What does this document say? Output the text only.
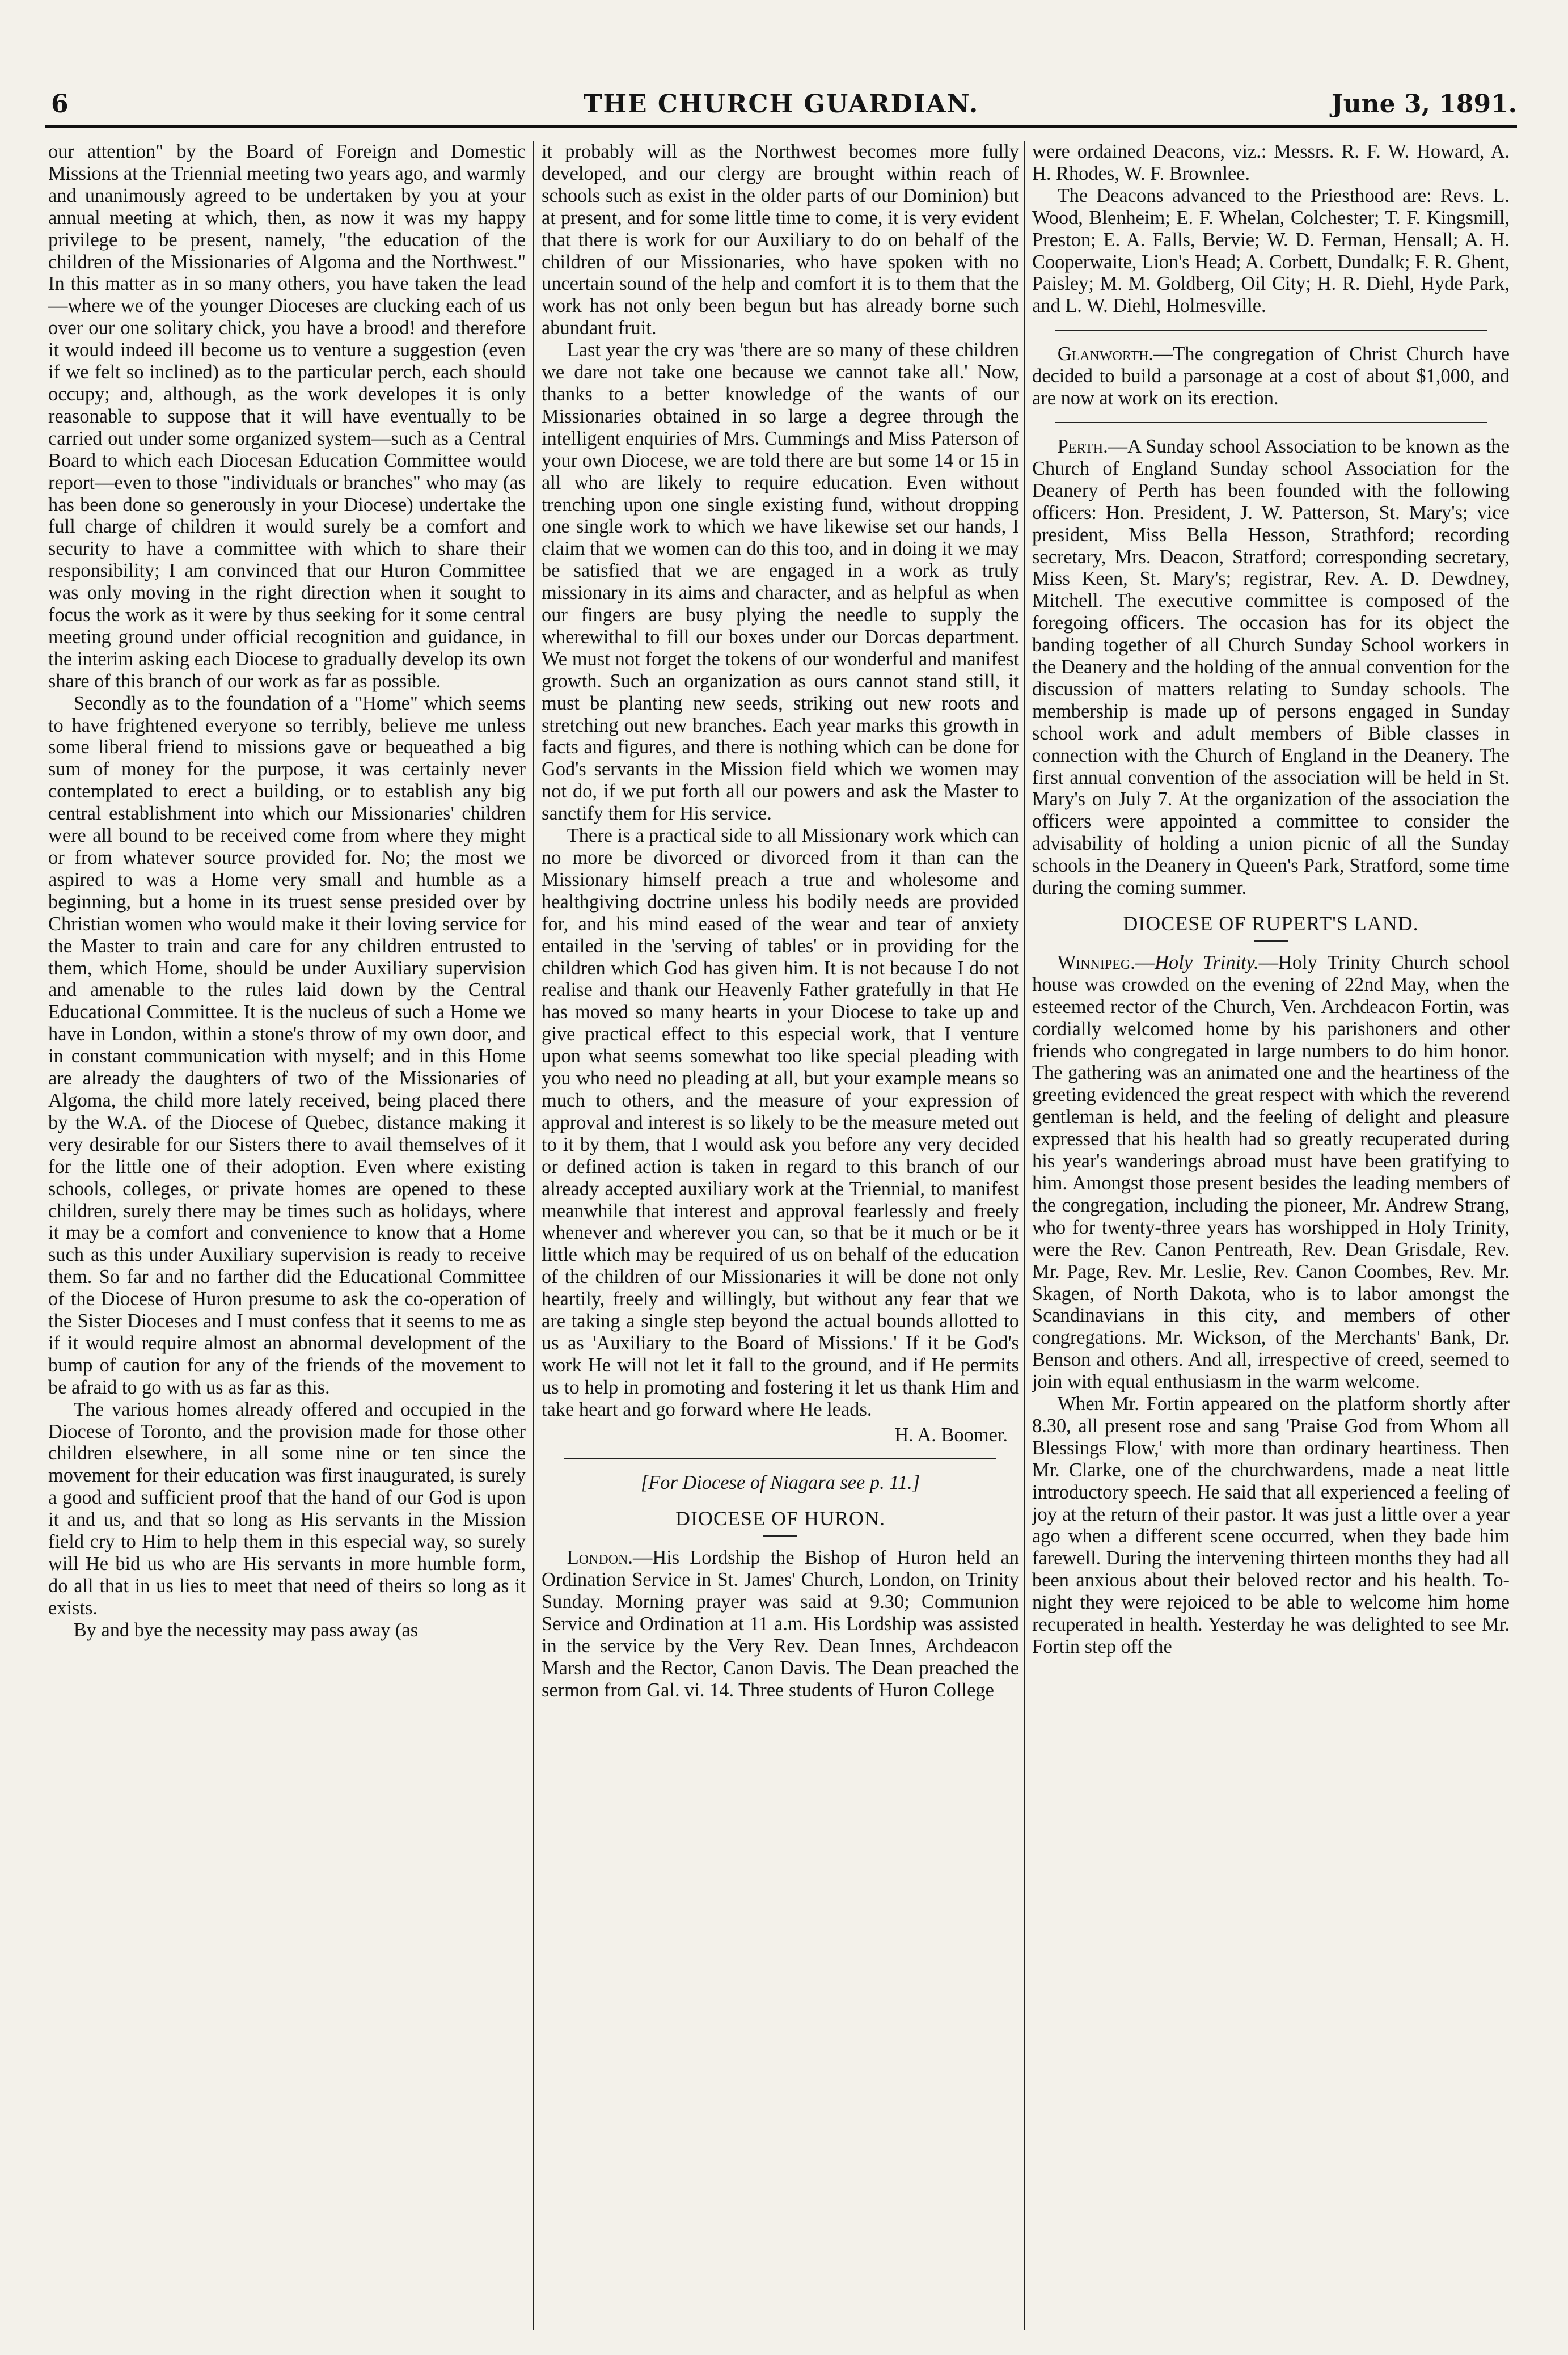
6	THE CHURCH GUARDIAN.	June 3, 1891.

our attention" by the Board of Foreign and Domestic Missions at the Triennial meeting two years ago, and warmly and unanimously agreed to be undertaken by you at your annual meeting at which, then, as now it was my happy privilege to be present, namely, "the education of the children of the Missionaries of Algoma and the Northwest." In this matter as in so many others, you have taken the lead—where we of the younger Dioceses are clucking each of us over our one solitary chick, you have a brood! and therefore it would indeed ill become us to venture a suggestion (even if we felt so inclined) as to the particular perch, each should occupy; and, although, as the work developes it is only reasonable to suppose that it will have eventually to be carried out under some organized system—such as a Central Board to which each Diocesan Education Committee would report—even to those "individuals or branches" who may (as has been done so generously in your Diocese) undertake the full charge of children it would surely be a comfort and security to have a committee with which to share their responsibility; I am convinced that our Huron Committee was only moving in the right direction when it sought to focus the work as it were by thus seeking for it some central meeting ground under official recognition and guidance, in the interim asking each Diocese to gradually develop its own share of this branch of our work as far as possible.

Secondly as to the foundation of a "Home" which seems to have frightened everyone so terribly, believe me unless some liberal friend to missions gave or bequeathed a big sum of money for the purpose, it was certainly never contemplated to erect a building, or to establish any big central establishment into which our Missionaries' children were all bound to be received come from where they might or from whatever source provided for. No; the most we aspired to was a Home very small and humble as a beginning, but a home in its truest sense presided over by Christian women who would make it their loving service for the Master to train and care for any children entrusted to them, which Home, should be under Auxiliary supervision and amenable to the rules laid down by the Central Educational Committee. It is the nucleus of such a Home we have in London, within a stone's throw of my own door, and in constant communication with myself; and in this Home are already the daughters of two of the Missionaries of Algoma, the child more lately received, being placed there by the W.A. of the Diocese of Quebec, distance making it very desirable for our Sisters there to avail themselves of it for the little one of their adoption. Even where existing schools, colleges, or private homes are opened to these children, surely there may be times such as holidays, where it may be a comfort and convenience to know that a Home such as this under Auxiliary supervision is ready to receive them. So far and no farther did the Educational Committee of the Diocese of Huron presume to ask the co-operation of the Sister Dioceses and I must confess that it seems to me as if it would require almost an abnormal development of the bump of caution for any of the friends of the movement to be afraid to go with us as far as this.

The various homes already offered and occupied in the Diocese of Toronto, and the provision made for those other children elsewhere, in all some nine or ten since the movement for their education was first inaugurated, is surely a good and sufficient proof that the hand of our God is upon it and us, and that so long as His servants in the Mission field cry to Him to help them in this especial way, so surely will He bid us who are His servants in more humble form, do all that in us lies to meet that need of theirs so long as it exists.

By and bye the necessity may pass away (as

it probably will as the Northwest becomes more fully developed, and our clergy are brought within reach of schools such as exist in the older parts of our Dominion) but at present, and for some little time to come, it is very evident that there is work for our Auxiliary to do on behalf of the children of our Missionaries, who have spoken with no uncertain sound of the help and comfort it is to them that the work has not only been begun but has already borne such abundant fruit.

Last year the cry was 'there are so many of these children we dare not take one because we cannot take all.' Now, thanks to a better knowledge of the wants of our Missionaries obtained in so large a degree through the intelligent enquiries of Mrs. Cummings and Miss Paterson of your own Diocese, we are told there are but some 14 or 15 in all who are likely to require education. Even without trenching upon one single existing fund, without dropping one single work to which we have likewise set our hands, I claim that we women can do this too, and in doing it we may be satisfied that we are engaged in a work as truly missionary in its aims and character, and as helpful as when our fingers are busy plying the needle to supply the wherewithal to fill our boxes under our Dorcas department. We must not forget the tokens of our wonderful and manifest growth. Such an organization as ours cannot stand still, it must be planting new seeds, striking out new roots and stretching out new branches. Each year marks this growth in facts and figures, and there is nothing which can be done for God's servants in the Mission field which we women may not do, if we put forth all our powers and ask the Master to sanctify them for His service.

There is a practical side to all Missionary work which can no more be divorced or divorced from it than can the Missionary himself preach a true and wholesome and healthgiving doctrine unless his bodily needs are provided for, and his mind eased of the wear and tear of anxiety entailed in the 'serving of tables' or in providing for the children which God has given him. It is not because I do not realise and thank our Heavenly Father gratefully in that He has moved so many hearts in your Diocese to take up and give practical effect to this especial work, that I venture upon what seems somewhat too like special pleading with you who need no pleading at all, but your example means so much to others, and the measure of your expression of approval and interest is so likely to be the measure meted out to it by them, that I would ask you before any very decided or defined action is taken in regard to this branch of our already accepted auxiliary work at the Triennial, to manifest meanwhile that interest and approval fearlessly and freely whenever and wherever you can, so that be it much or be it little which may be required of us on behalf of the education of the children of our Missionaries it will be done not only heartily, freely and willingly, but without any fear that we are taking a single step beyond the actual bounds allotted to us as 'Auxiliary to the Board of Missions.' If it be God's work He will not let it fall to the ground, and if He permits us to help in promoting and fostering it let us thank Him and take heart and go forward where He leads.

H. A. Boomer.
[For Diocese of Niagara see p. 11.]
DIOCESE OF HURON.

London.—His Lordship the Bishop of Huron held an Ordination Service in St. James' Church, London, on Trinity Sunday. Morning prayer was said at 9.30; Communion Service and Ordination at 11 a.m. His Lordship was assisted in the service by the Very Rev. Dean Innes, Archdeacon Marsh and the Rector, Canon Davis. The Dean preached the sermon from Gal. vi. 14. Three students of Huron College

were ordained Deacons, viz.: Messrs. R. F. W. Howard, A. H. Rhodes, W. F. Brownlee.

The Deacons advanced to the Priesthood are: Revs. L. Wood, Blenheim; E. F. Whelan, Colchester; T. F. Kingsmill, Preston; E. A. Falls, Bervie; W. D. Ferman, Hensall; A. H. Cooperwaite, Lion's Head; A. Corbett, Dundalk; F. R. Ghent, Paisley; M. M. Goldberg, Oil City; H. R. Diehl, Hyde Park, and L. W. Diehl, Holmesville.

Glanworth.—The congregation of Christ Church have decided to build a parsonage at a cost of about $1,000, and are now at work on its erection.

Perth.—A Sunday school Association to be known as the Church of England Sunday school Association for the Deanery of Perth has been founded with the following officers: Hon. President, J. W. Patterson, St. Mary's; vice president, Miss Bella Hesson, Strathford; recording secretary, Mrs. Deacon, Stratford; corresponding secretary, Miss Keen, St. Mary's; registrar, Rev. A. D. Dewdney, Mitchell. The executive committee is composed of the foregoing officers. The occasion has for its object the banding together of all Church Sunday School workers in the Deanery and the holding of the annual convention for the discussion of matters relating to Sunday schools. The membership is made up of persons engaged in Sunday school work and adult members of Bible classes in connection with the Church of England in the Deanery. The first annual convention of the association will be held in St. Mary's on July 7. At the organization of the association the officers were appointed a committee to consider the advisability of holding a union picnic of all the Sunday schools in the Deanery in Queen's Park, Stratford, some time during the coming summer.

DIOCESE OF RUPERT'S LAND.

Winnipeg.—Holy Trinity.—Holy Trinity Church school house was crowded on the evening of 22nd May, when the esteemed rector of the Church, Ven. Archdeacon Fortin, was cordially welcomed home by his parishoners and other friends who congregated in large numbers to do him honor. The gathering was an animated one and the heartiness of the greeting evidenced the great respect with which the reverend gentleman is held, and the feeling of delight and pleasure expressed that his health had so greatly recuperated during his year's wanderings abroad must have been gratifying to him. Amongst those present besides the leading members of the congregation, including the pioneer, Mr. Andrew Strang, who for twenty-three years has worshipped in Holy Trinity, were the Rev. Canon Pentreath, Rev. Dean Grisdale, Rev. Mr. Page, Rev. Mr. Leslie, Rev. Canon Coombes, Rev. Mr. Skagen, of North Dakota, who is to labor amongst the Scandinavians in this city, and members of other congregations. Mr. Wickson, of the Merchants' Bank, Dr. Benson and others. And all, irrespective of creed, seemed to join with equal enthusiasm in the warm welcome.

When Mr. Fortin appeared on the platform shortly after 8.30, all present rose and sang 'Praise God from Whom all Blessings Flow,' with more than ordinary heartiness. Then Mr. Clarke, one of the churchwardens, made a neat little introductory speech. He said that all experienced a feeling of joy at the return of their pastor. It was just a little over a year ago when a different scene occurred, when they bade him farewell. During the intervening thirteen months they had all been anxious about their beloved rector and his health. To-night they were rejoiced to be able to welcome him home recuperated in health. Yesterday he was delighted to see Mr. Fortin step off the
